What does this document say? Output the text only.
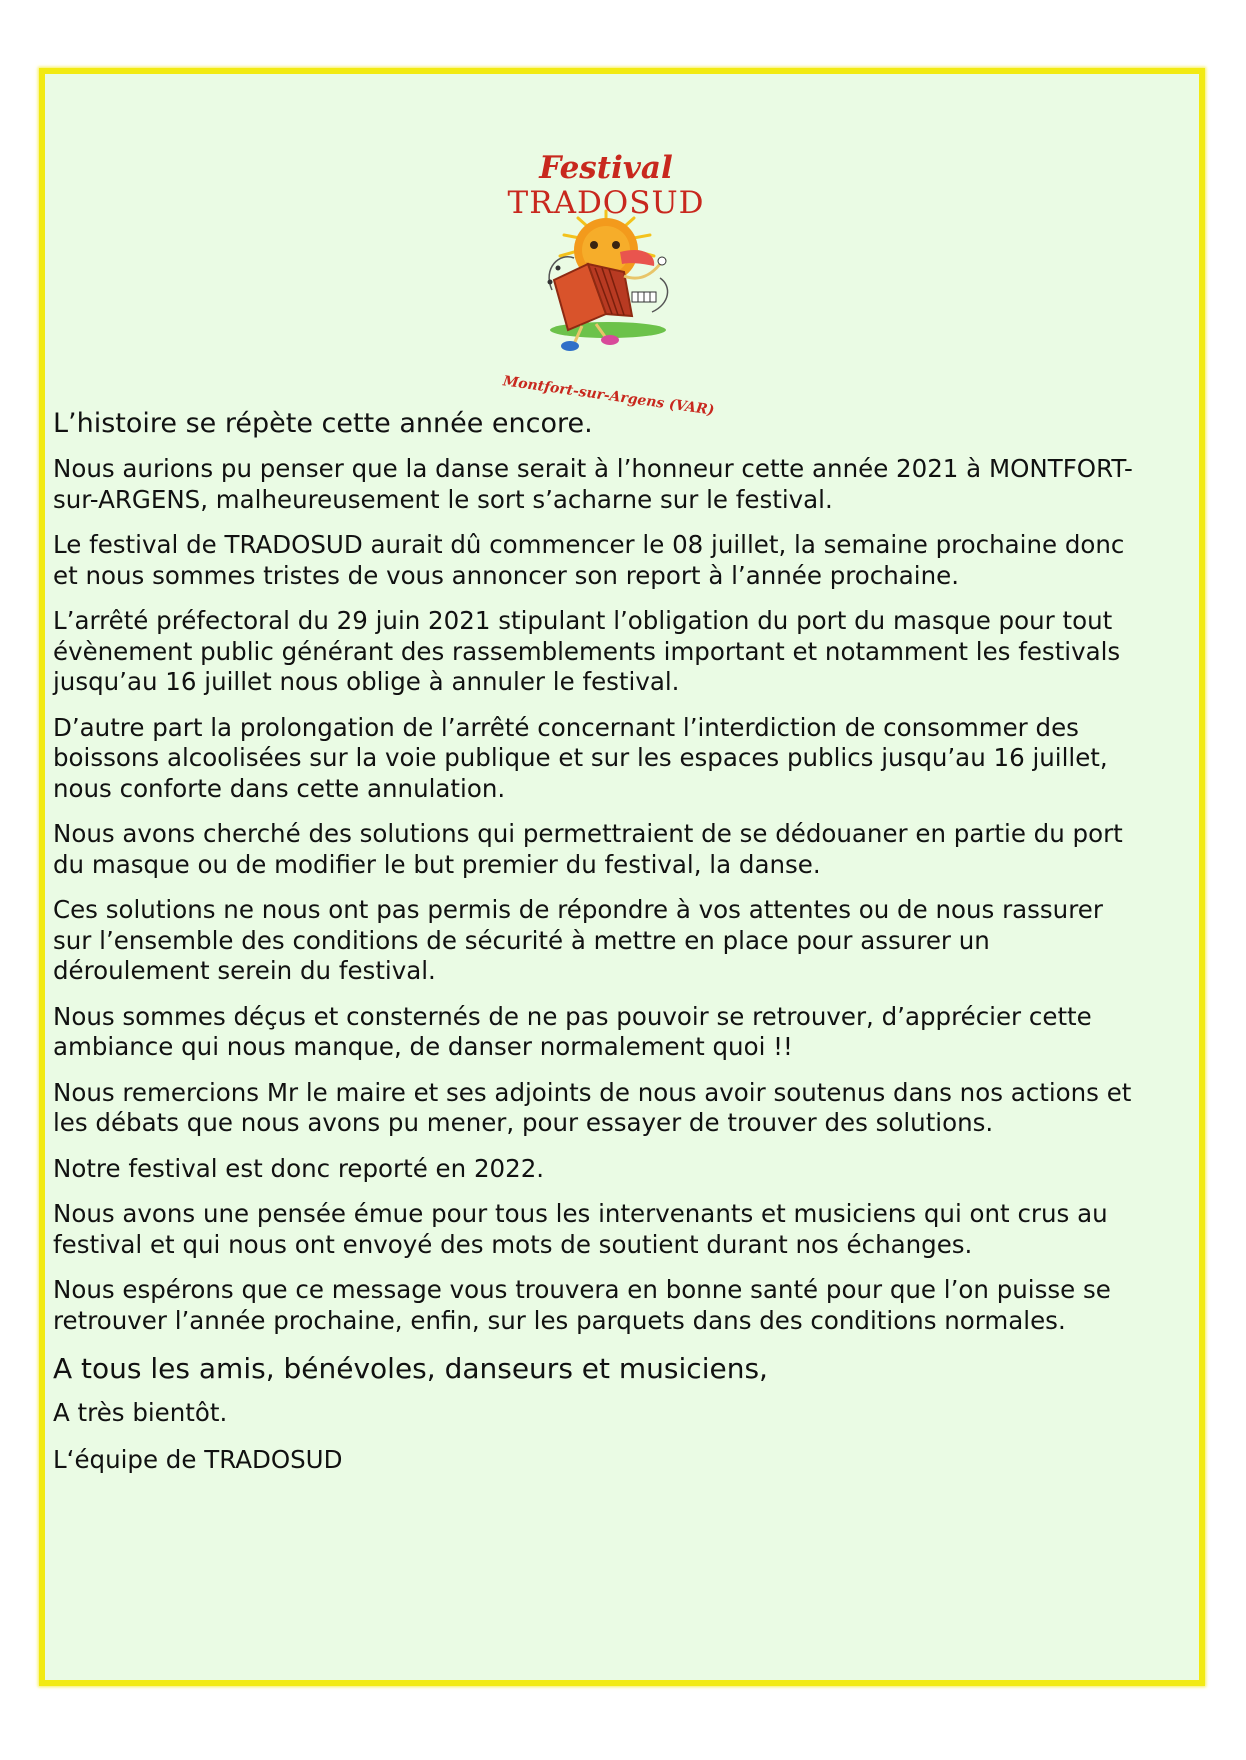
Festival
TRADOSUD
Montfort-sur-Argens (VAR)
L’histoire se répète cette année encore.

Nous aurions pu penser que la danse serait à l’honneur cette année 2021 à MONTFORT-sur-ARGENS, malheureusement le sort s’acharne sur le festival.

Le festival de TRADOSUD aurait dû commencer le 08 juillet, la semaine prochaine donc et nous sommes tristes de vous annoncer son report à l’année prochaine.

L’arrêté préfectoral du 29 juin 2021 stipulant l’obligation du port du masque pour tout évènement public générant des rassemblements important et notamment les festivals jusqu’au 16 juillet nous oblige à annuler le festival.

D’autre part la prolongation de l’arrêté concernant l’interdiction de consommer des boissons alcoolisées sur la voie publique et sur les espaces publics jusqu’au 16 juillet, nous conforte dans cette annulation.

Nous avons cherché des solutions qui permettraient de se dédouaner en partie du port du masque ou de modifier le but premier du festival, la danse.

Ces solutions ne nous ont pas permis de répondre à vos attentes ou de nous rassurer sur l’ensemble des conditions de sécurité à mettre en place pour assurer un déroulement serein du festival.

Nous sommes déçus et consternés de ne pas pouvoir se retrouver, d’apprécier cette ambiance qui nous manque, de danser normalement quoi !!

Nous remercions Mr le maire et ses adjoints de nous avoir soutenus dans nos actions et les débats que nous avons pu mener, pour essayer de trouver des solutions.

Notre festival est donc reporté en 2022.

Nous avons une pensée émue pour tous les intervenants et musiciens qui ont crus au festival et qui nous ont envoyé des mots de soutient durant nos échanges.

Nous espérons que ce message vous trouvera en bonne santé pour que l’on puisse se retrouver l’année prochaine, enfin, sur les parquets dans des conditions normales.

A tous les amis, bénévoles, danseurs et musiciens,
A très bientôt.
L‘équipe de TRADOSUD
